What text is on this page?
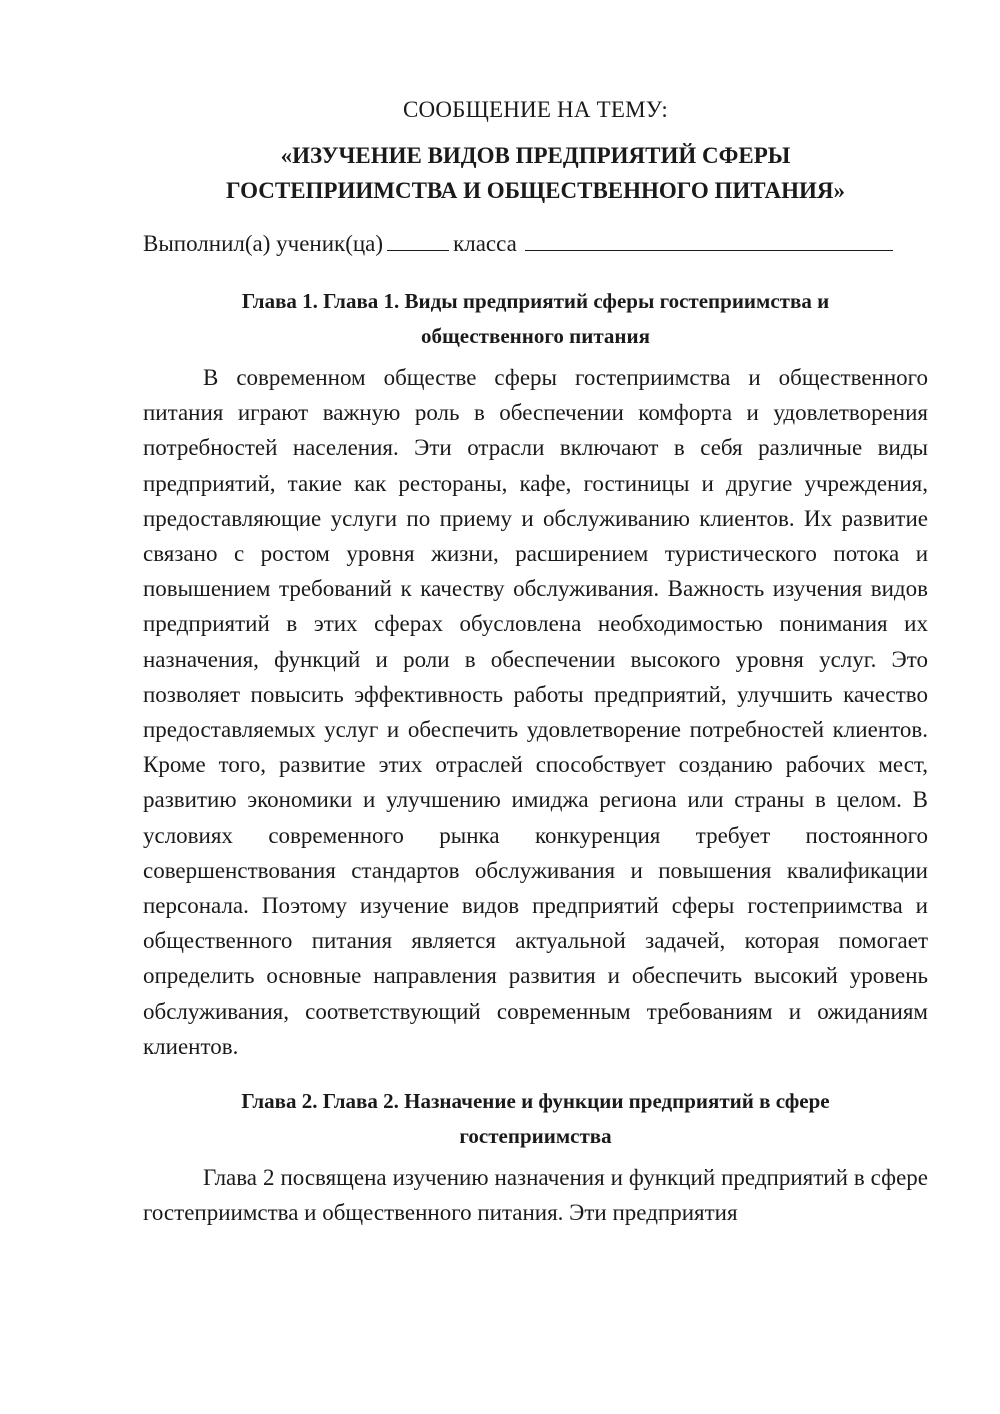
СООБЩЕНИЕ НА ТЕМУ:

«ИЗУЧЕНИЕ ВИДОВ ПРЕДПРИЯТИЙ СФЕРЫ
ГОСТЕПРИИМСТВА И ОБЩЕСТВЕННОГО ПИТАНИЯ»
Выполнил(а) ученик(ца)	класса
Глава 1. Глава 1. Виды предприятий сферы гостеприимства и
общественного питания

В современном обществе сферы гостеприимства и общественного питания играют важную роль в обеспечении комфорта и удовлетворения потребностей населения. Эти отрасли включают в себя различные виды предприятий, такие как рестораны, кафе, гостиницы и другие учреждения, предоставляющие услуги по приему и обслуживанию клиентов. Их развитие связано с ростом уровня жизни, расширением туристического потока и повышением требований к качеству обслуживания. Важность изучения видов предприятий в этих сферах обусловлена необходимостью понимания их назначения, функций и роли в обеспечении высокого уровня услуг. Это позволяет повысить эффективность работы предприятий, улучшить качество предоставляемых услуг и обеспечить удовлетворение потребностей клиентов. Кроме того, развитие этих отраслей способствует созданию рабочих мест, развитию экономики и улучшению имиджа региона или страны в целом. В условиях современного рынка конкуренция требует постоянного совершенствования стандартов обслуживания и повышения квалификации персонала. Поэтому изучение видов предприятий сферы гостеприимства и общественного питания является актуальной задачей, которая помогает определить основные направления развития и обеспечить высокий уровень обслуживания, соответствующий современным требованиям и ожиданиям клиентов.

Глава 2. Глава 2. Назначение и функции предприятий в сфере
гостеприимства

Глава 2 посвящена изучению назначения и функций предприятий в сфере гостеприимства и общественного питания. Эти предприятия
